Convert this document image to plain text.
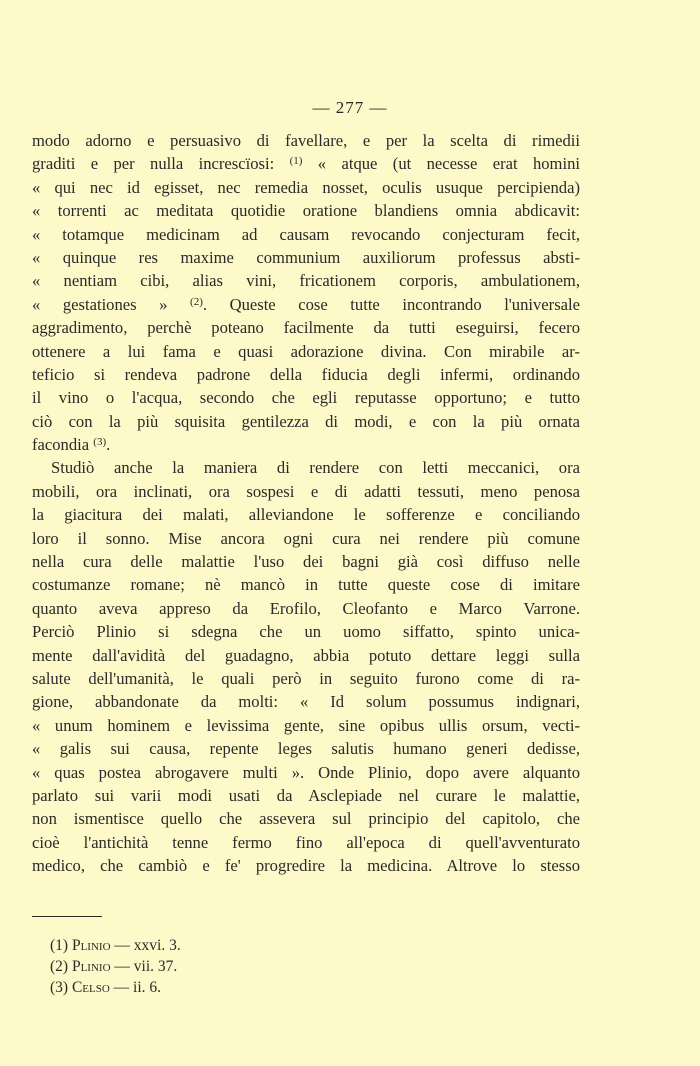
— 277 —
modo adorno e persuasivo di favellare, e per la scelta di rimedii
graditi e per nulla increscïosi: $^{(1)}$ « atque (ut necesse erat homini
« qui nec id egisset, nec remedia nosset, oculis usuque percipienda)
« torrenti ac meditata quotidie oratione blandiens omnia abdicavit:
« totamque medicinam ad causam revocando conjecturam fecit,
« quinque res maxime communium auxiliorum professus absti-
« nentiam cibi, alias vini, fricationem corporis, ambulationem,
« gestationes » $^{(2)}$. Queste cose tutte incontrando l'universale
aggradimento, perchè poteano facilmente da tutti eseguirsi, fecero
ottenere a lui fama e quasi adorazione divina. Con mirabile ar-
teficio si rendeva padrone della fiducia degli infermi, ordinando
il vino o l'acqua, secondo che egli reputasse opportuno; e tutto
ciò con la più squisita gentilezza di modi, e con la più ornata
facondia $^{(3)}$.
Studiò anche la maniera di rendere con letti meccanici, ora
mobili, ora inclinati, ora sospesi e di adatti tessuti, meno penosa
la giacitura dei malati, alleviandone le sofferenze e conciliando
loro il sonno. Mise ancora ogni cura nei rendere più comune
nella cura delle malattie l'uso dei bagni già così diffuso nelle
costumanze romane; nè mancò in tutte queste cose di imitare
quanto aveva appreso da Erofilo, Cleofanto e Marco Varrone.
Perciò Plinio si sdegna che un uomo siffatto, spinto unica-
mente dall'avidità del guadagno, abbia potuto dettare leggi sulla
salute dell'umanità, le quali però in seguito furono come di ra-
gione, abbandonate da molti: « Id solum possumus indignari,
« unum hominem e levissima gente, sine opibus ullis orsum, vecti-
« galis sui causa, repente leges salutis humano generi dedisse,
« quas postea abrogavere multi ». Onde Plinio, dopo avere alquanto
parlato sui varii modi usati da Asclepiade nel curare le malattie,
non ismentisce quello che assevera sul principio del capitolo, che
cioè l'antichità tenne fermo fino all'epoca di quell'avventurato
medico, che cambiò e fe' progredire la medicina. Altrove lo stesso
(1) Plinio — xxvi. 3.
(2) Plinio — vii. 37.
(3) Celso — ii. 6.
